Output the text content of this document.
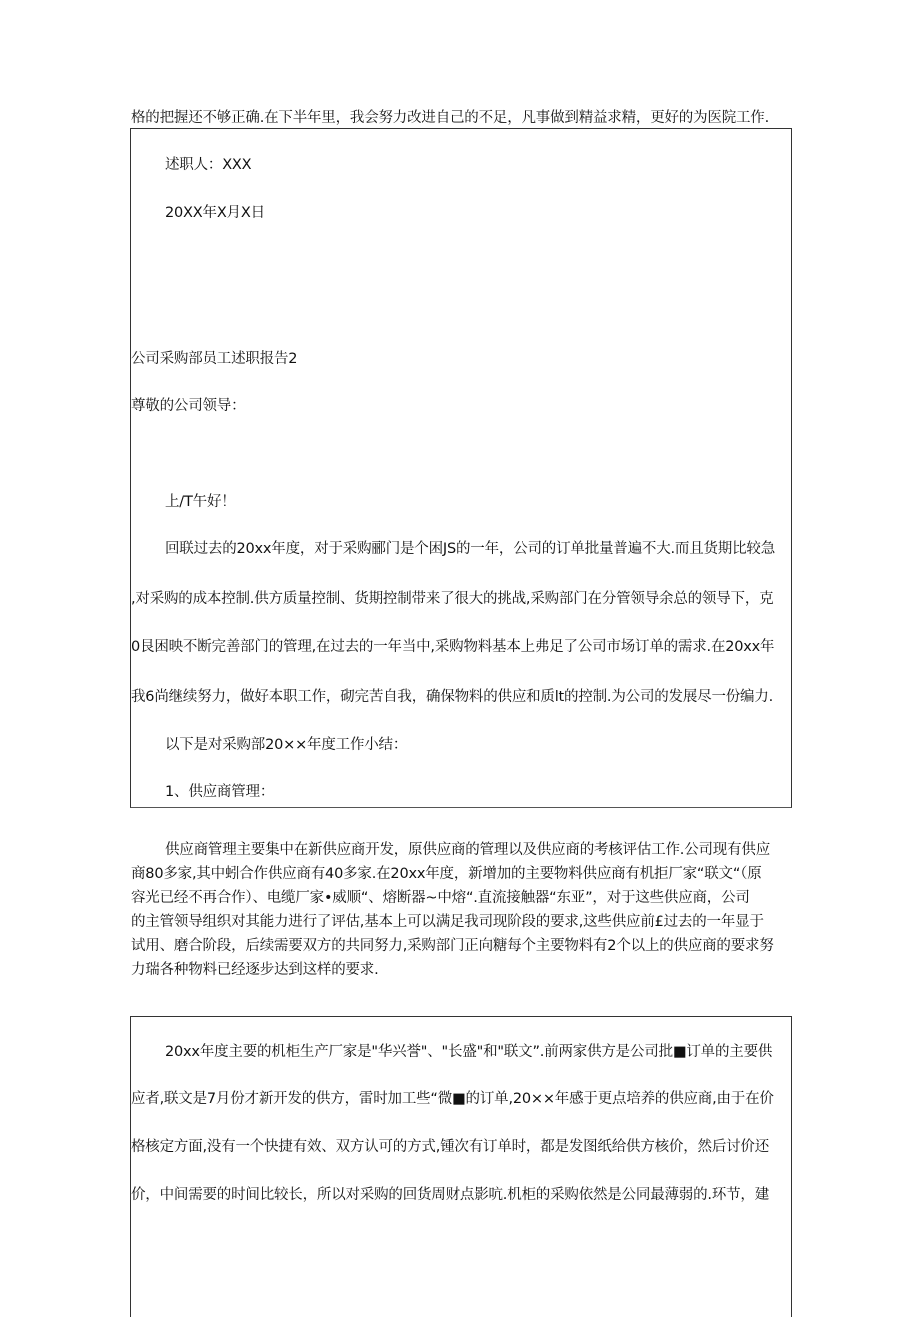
格的把握还不够正确.在下半年里，我会努力改进自己的不足，凡事做到精益求精，更好的为医院工作.
述职人：XXX
20XX年X月X日
公司采购部员工述职报告2
尊敬的公司领导：
上/T午好！
回联过去的20xx年度，对于采购郦门是个困JS的一年，公司的订单批量普遍不大.而且货期比较急
,对采购的成本控制.供方质量控制、货期控制带来了很大的挑战,采购部门在分管领导余总的领导下，克
0艮困映不断完善部门的管理,在过去的一年当中,采购物料基本上弗足了公司市场订单的需求.在20xx年
我6尚继续努力，做好本职工作，砌完苦自我，确保物料的供应和质lt的控制.为公司的发展尽一份编力.
以下是对采购部20××年度工作小结：
1、供应商管理：
供应商管理主要集中在新供应商开发，原供应商的管理以及供应商的考核评估工作.公司现有供应
商80多家,其中蚓合作供应商有40多家.在20xx年度，新增加的主要物料供应商有机拒厂家“联文“（原
容光已经不再合作）、电缆厂家•威顺“、熔断器~中熔“.直流接触器“东亚”，对于这些供应商，公司
的主管领导组织对其能力进行了评估,基本上可以满足我司现阶段的要求,这些供应前£过去的一年显于
试用、磨合阶段，后续需要双方的共同努力,采购部门正向糖每个主要物料有2个以上的供应商的要求努
力瑞各种物料已经逐步达到这样的要求.
20xx年度主要的机柜生产厂家是"华兴誉"、"长盛"和"联文”.前两家供方是公司批■订单的主要供
应者,联文是7月份才新开发的供方，雷时加工些“微■的订单,20××年感于更点培养的供应商,由于在价
格核定方面,没有一个快捷有效、双方认可的方式,锺次有订单时，都是发图纸给供方核价，然后讨价还
价，中间需要的时间比较长，所以对采购的回货周财点影吭.机柜的采购依然是公同最薄弱的.环节，建
